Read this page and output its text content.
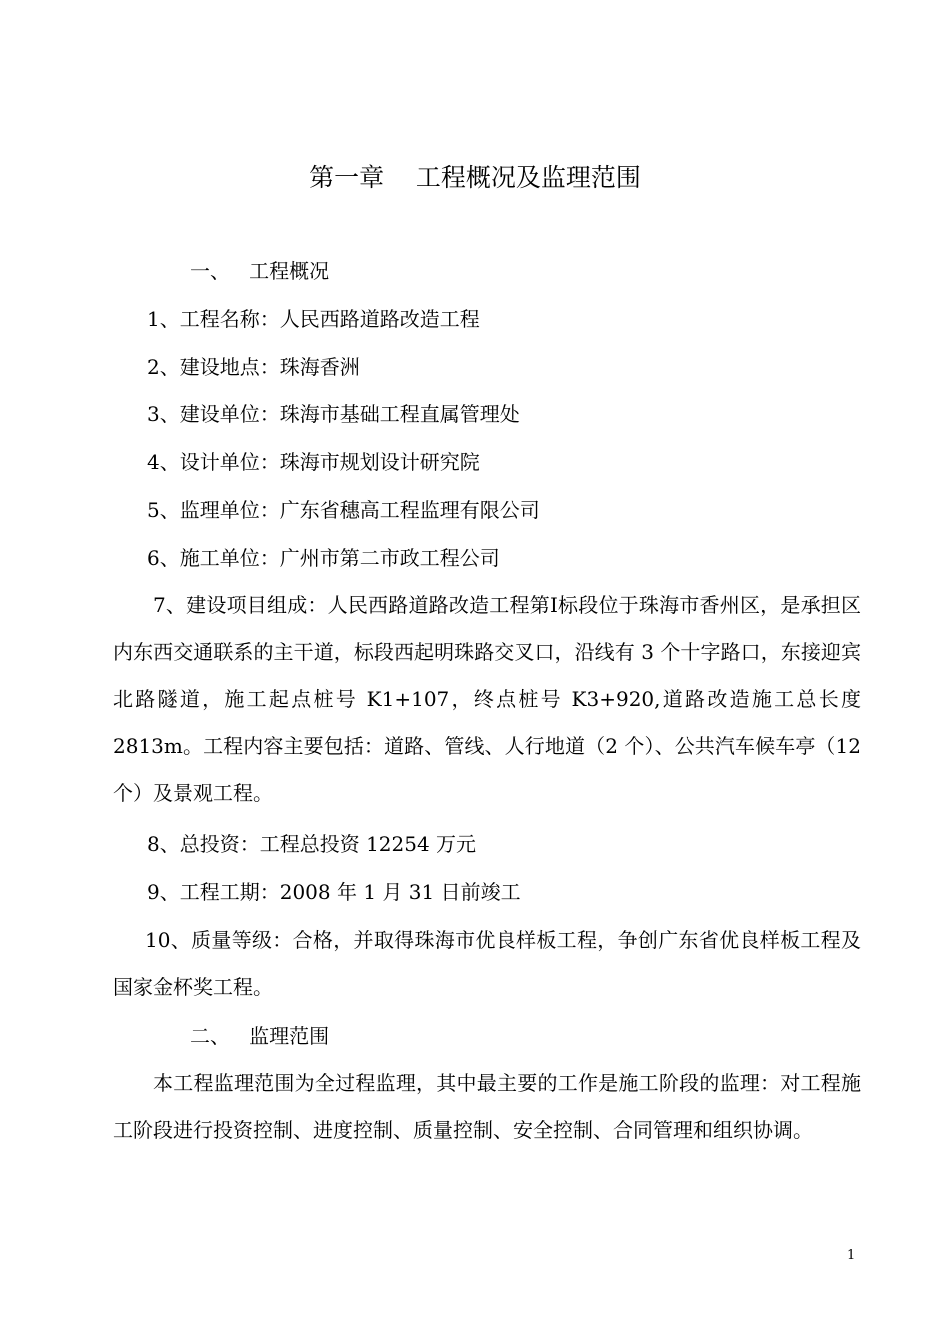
第一章    工程概况及监理范围
一、   工程概况
1、工程名称：人民西路道路改造工程
2、建设地点：珠海香洲
3、建设单位：珠海市基础工程直属管理处
4、设计单位：珠海市规划设计研究院
5、监理单位：广东省穗高工程监理有限公司
6、施工单位：广州市第二市政工程公司
7、建设项目组成：人民西路道路改造工程第Ⅰ标段位于珠海市香州区，是承担区内东西交通联系的主干道，标段西起明珠路交叉口，沿线有 3 个十字路口，东接迎宾北路隧道，施工起点桩号 K1+107，终点桩号 K3+920,道路改造施工总长度 2813m。工程内容主要包括：道路、管线、人行地道（2 个）、公共汽车候车亭（12 个）及景观工程。
8、总投资：工程总投资 12254 万元
9、工程工期：2008 年 1 月 31 日前竣工
10、质量等级：合格，并取得珠海市优良样板工程，争创广东省优良样板工程及国家金杯奖工程。
二、   监理范围
本工程监理范围为全过程监理，其中最主要的工作是施工阶段的监理：对工程施工阶段进行投资控制、进度控制、质量控制、安全控制、合同管理和组织协调。
1
